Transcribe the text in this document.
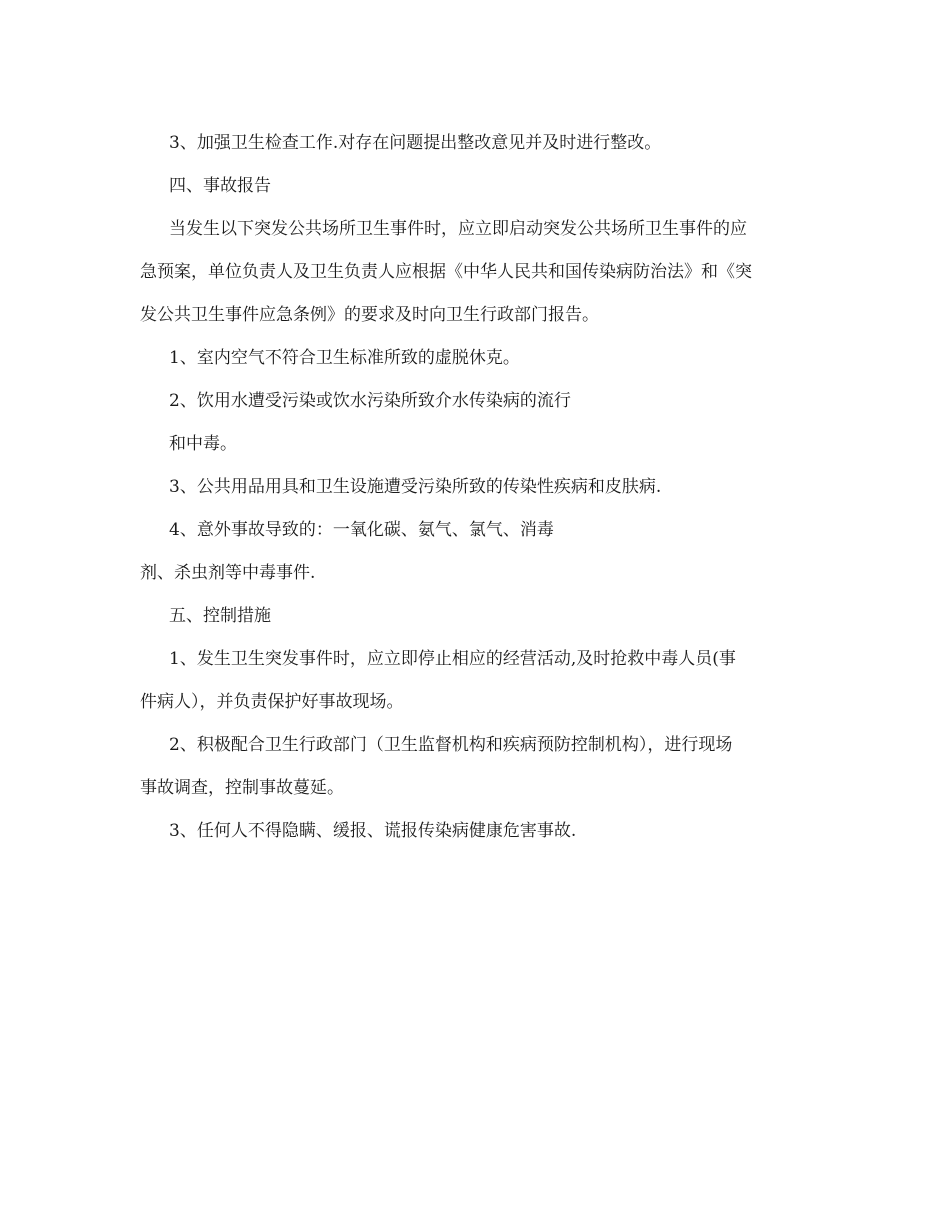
3、加强卫生检查工作.对存在问题提出整改意见并及时进行整改。

四、事故报告

当发生以下突发公共场所卫生事件时，应立即启动突发公共场所卫生事件的应

急预案，单位负责人及卫生负责人应根据《中华人民共和国传染病防治法》和《突

发公共卫生事件应急条例》的要求及时向卫生行政部门报告。

1、室内空气不符合卫生标准所致的虚脱休克。

2、饮用水遭受污染或饮水污染所致介水传染病的流行

和中毒。

3、公共用品用具和卫生设施遭受污染所致的传染性疾病和皮肤病.

4、意外事故导致的：一氧化碳、氨气、氯气、消毒

剂、杀虫剂等中毒事件.

五、控制措施

1、发生卫生突发事件时，应立即停止相应的经营活动,及时抢救中毒人员(事

件病人），并负责保护好事故现场。

2、积极配合卫生行政部门（卫生监督机构和疾病预防控制机构），进行现场

事故调查，控制事故蔓延。

3、任何人不得隐瞒、缓报、谎报传染病健康危害事故.
